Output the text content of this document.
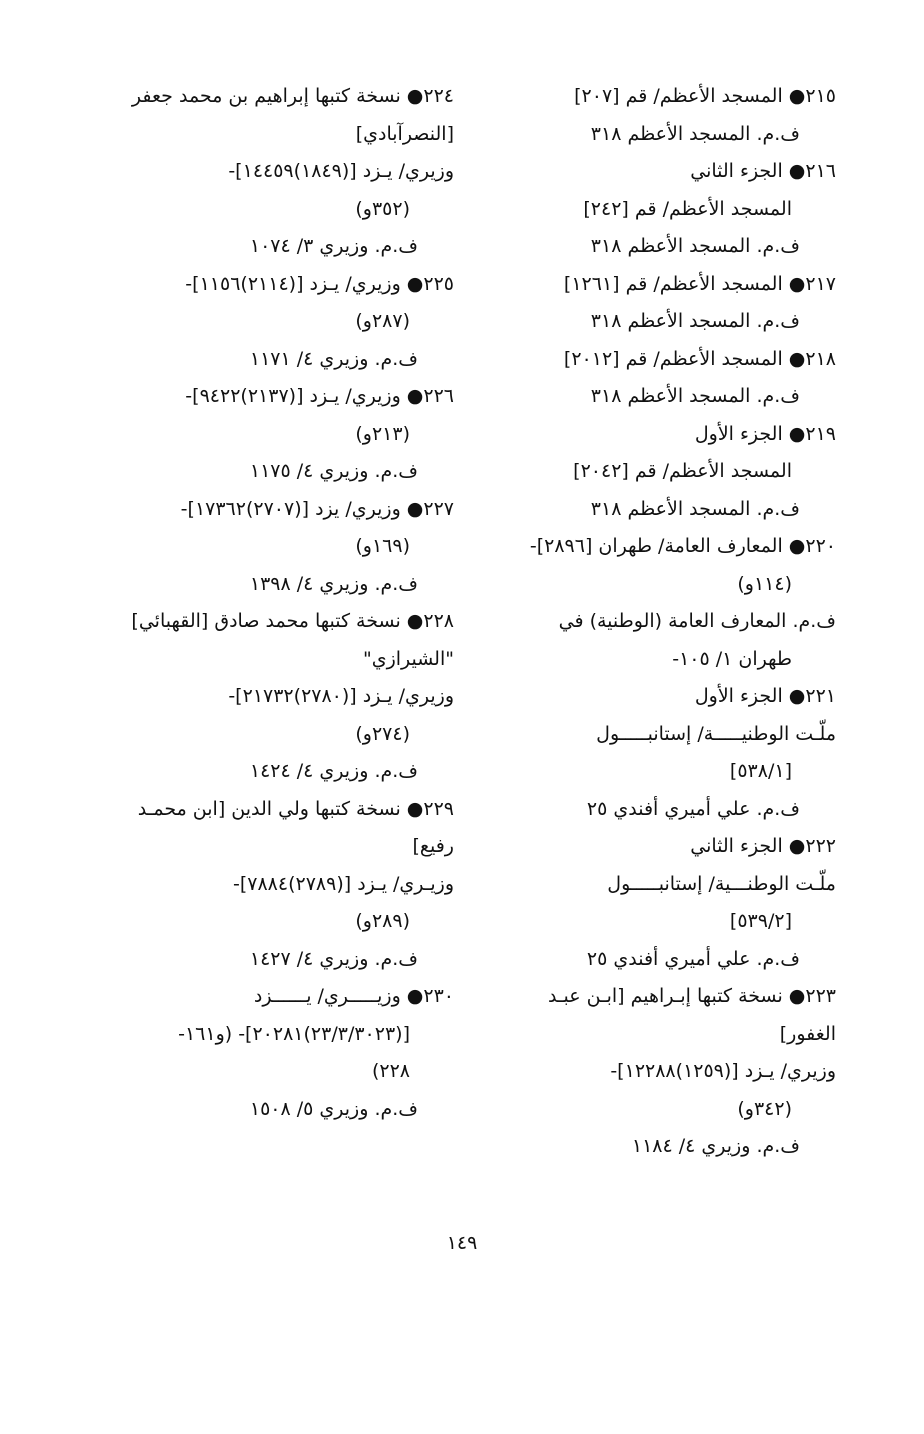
٢١٥● المسجد الأعظم/ قم [٢٠٧]
ف.م. المسجد الأعظم ٣١٨
٢١٦● الجزء الثاني
المسجد الأعظم/ قم [٢٤٢]
ف.م. المسجد الأعظم ٣١٨
٢١٧● المسجد الأعظم/ قم [١٢٦١]
ف.م. المسجد الأعظم ٣١٨
٢١٨● المسجد الأعظم/ قم [٢٠١٢]
ف.م. المسجد الأعظم ٣١٨
٢١٩● الجزء الأول
المسجد الأعظم/ قم [٢٠٤٢]
ف.م. المسجد الأعظم ٣١٨
٢٢٠● المعارف العامة/ طهران [٢٨٩٦]-
(١١٤و)
ف.م. المعارف العامة (الوطنية) في
طهران ١/ ١٠٥-
٢٢١● الجزء الأول
ملّـت الوطنيـــــة/ إستانبـــــول
[٥٣٨/١]
ف.م. علي أميري أفندي ٢٥
٢٢٢● الجزء الثاني
ملّـت الوطنـــية/ إستانبـــــول
[٥٣٩/٢]
ف.م. علي أميري أفندي ٢٥
٢٢٣● نسخة كتبها إبـراهيم [ابـن عبـد
الغفور]
وزيري/ يـزد [(١٢٥٩)١٢٢٨٨]-
(٣٤٢و)
ف.م. وزيري ٤/ ١١٨٤
٢٢٤● نسخة كتبها إبراهيم بن محمد جعفر
[النصرآبادي]
وزيري/ يـزد [(١٨٤٩)١٤٤٥٩]-
(٣٥٢و)
ف.م. وزيري ٣/ ١٠٧٤
٢٢٥● وزيري/ يـزد [(٢١١٤)١١٥٦]-
(٢٨٧و)
ف.م. وزيري ٤/ ١١٧١
٢٢٦● وزيري/ يـزد [(٢١٣٧)٩٤٢٢]-
(٢١٣و)
ف.م. وزيري ٤/ ١١٧٥
٢٢٧● وزيري/ يزد [(٢٧٠٧)١٧٣٦٢]-
(١٦٩و)
ف.م. وزيري ٤/ ١٣٩٨
٢٢٨● نسخة كتبها محمد صادق [القهبائي]
"الشيرازي"
وزيري/ يـزد [(٢٧٨٠)٢١٧٣٢]-
(٢٧٤و)
ف.م. وزيري ٤/ ١٤٢٤
٢٢٩● نسخة كتبها ولي الدين [ابن محمـد
رفيع]
وزيـري/ يـزد [(٢٧٨٩)٧٨٨٤]-
(٢٨٩و)
ف.م. وزيري ٤/ ١٤٢٧
٢٣٠● وزيـــــري/ يــــــزد
[(٢٣/٣/٣٠٢٣)٢٠٢٨١]- (و١٦١-
٢٢٨)
ف.م. وزيري ٥/ ١٥٠٨
١٤٩
